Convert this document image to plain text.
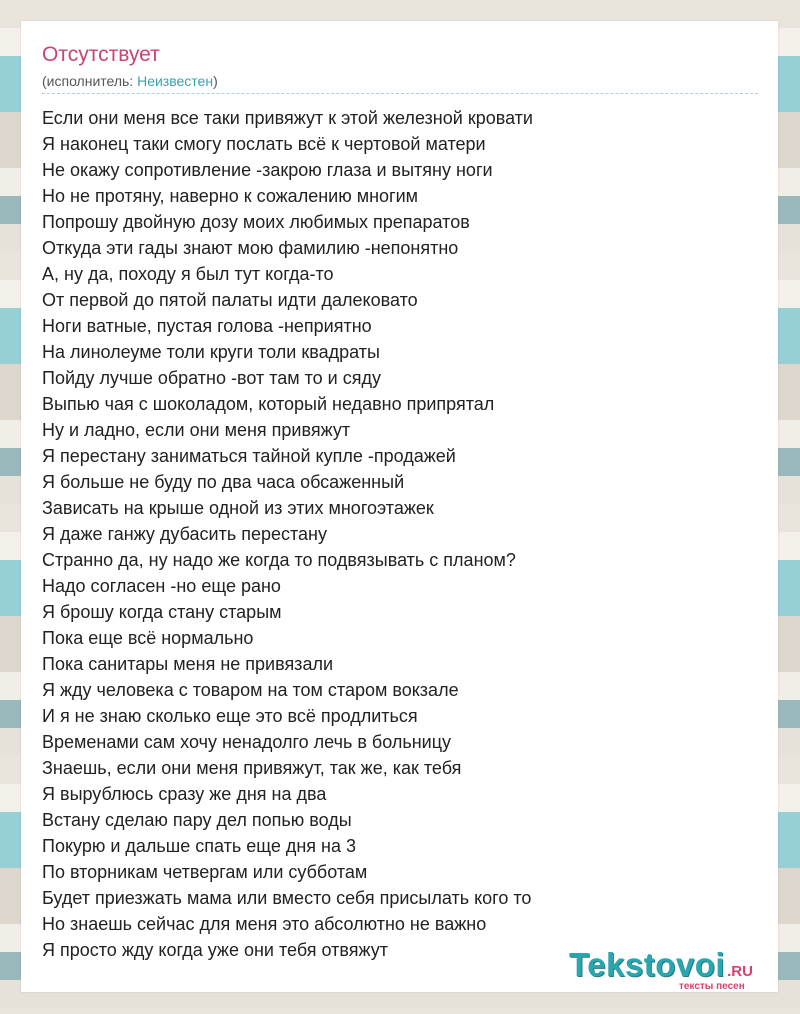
Отсутствует
(исполнитель: Неизвестен)
Если они меня все таки привяжут к этой железной кровати
Я наконец таки смогу послать всё к чертовой матери
Не окажу сопротивление -закрою глаза и вытяну ноги
Но не протяну, наверно к сожалению многим
Попрошу двойную дозу моих любимых препаратов
Откуда эти гады знают мою фамилию -непонятно
А, ну да, походу я был тут когда-то
От первой до пятой палаты идти далековато
Ноги ватные, пустая голова -неприятно
На линолеуме толи круги толи квадраты
Пойду лучше обратно -вот там то и сяду
Выпью чая с шоколадом, который недавно припрятал
Ну и ладно, если они меня привяжут
Я перестану заниматься тайной купле -продажей
Я больше не буду по два часа обсаженный
Зависать на крыше одной из этих многоэтажек
Я даже ганжу дубасить перестану
Странно да, ну надо же когда то подвязывать с планом?
Надо согласен -но еще рано
Я брошу когда стану старым
Пока еще всё нормально
Пока санитары меня не привязали
Я жду человека с товаром на том старом вокзале
И я не знаю сколько еще это всё продлиться
Временами сам хочу ненадолго лечь в больницу
Знаешь, если они меня привяжут, так же, как тебя
Я вырублюсь сразу же дня на два
Встану сделаю пару дел попью воды
Покурю и дальше спать еще дня на 3
По вторникам четвергам или субботам
Будет приезжать мама или вместо себя присылать кого то
Но знаешь сейчас для меня это абсолютно не важно
Я просто жду когда уже они тебя отвяжут	Tekstovoi .RU
тексты песен
